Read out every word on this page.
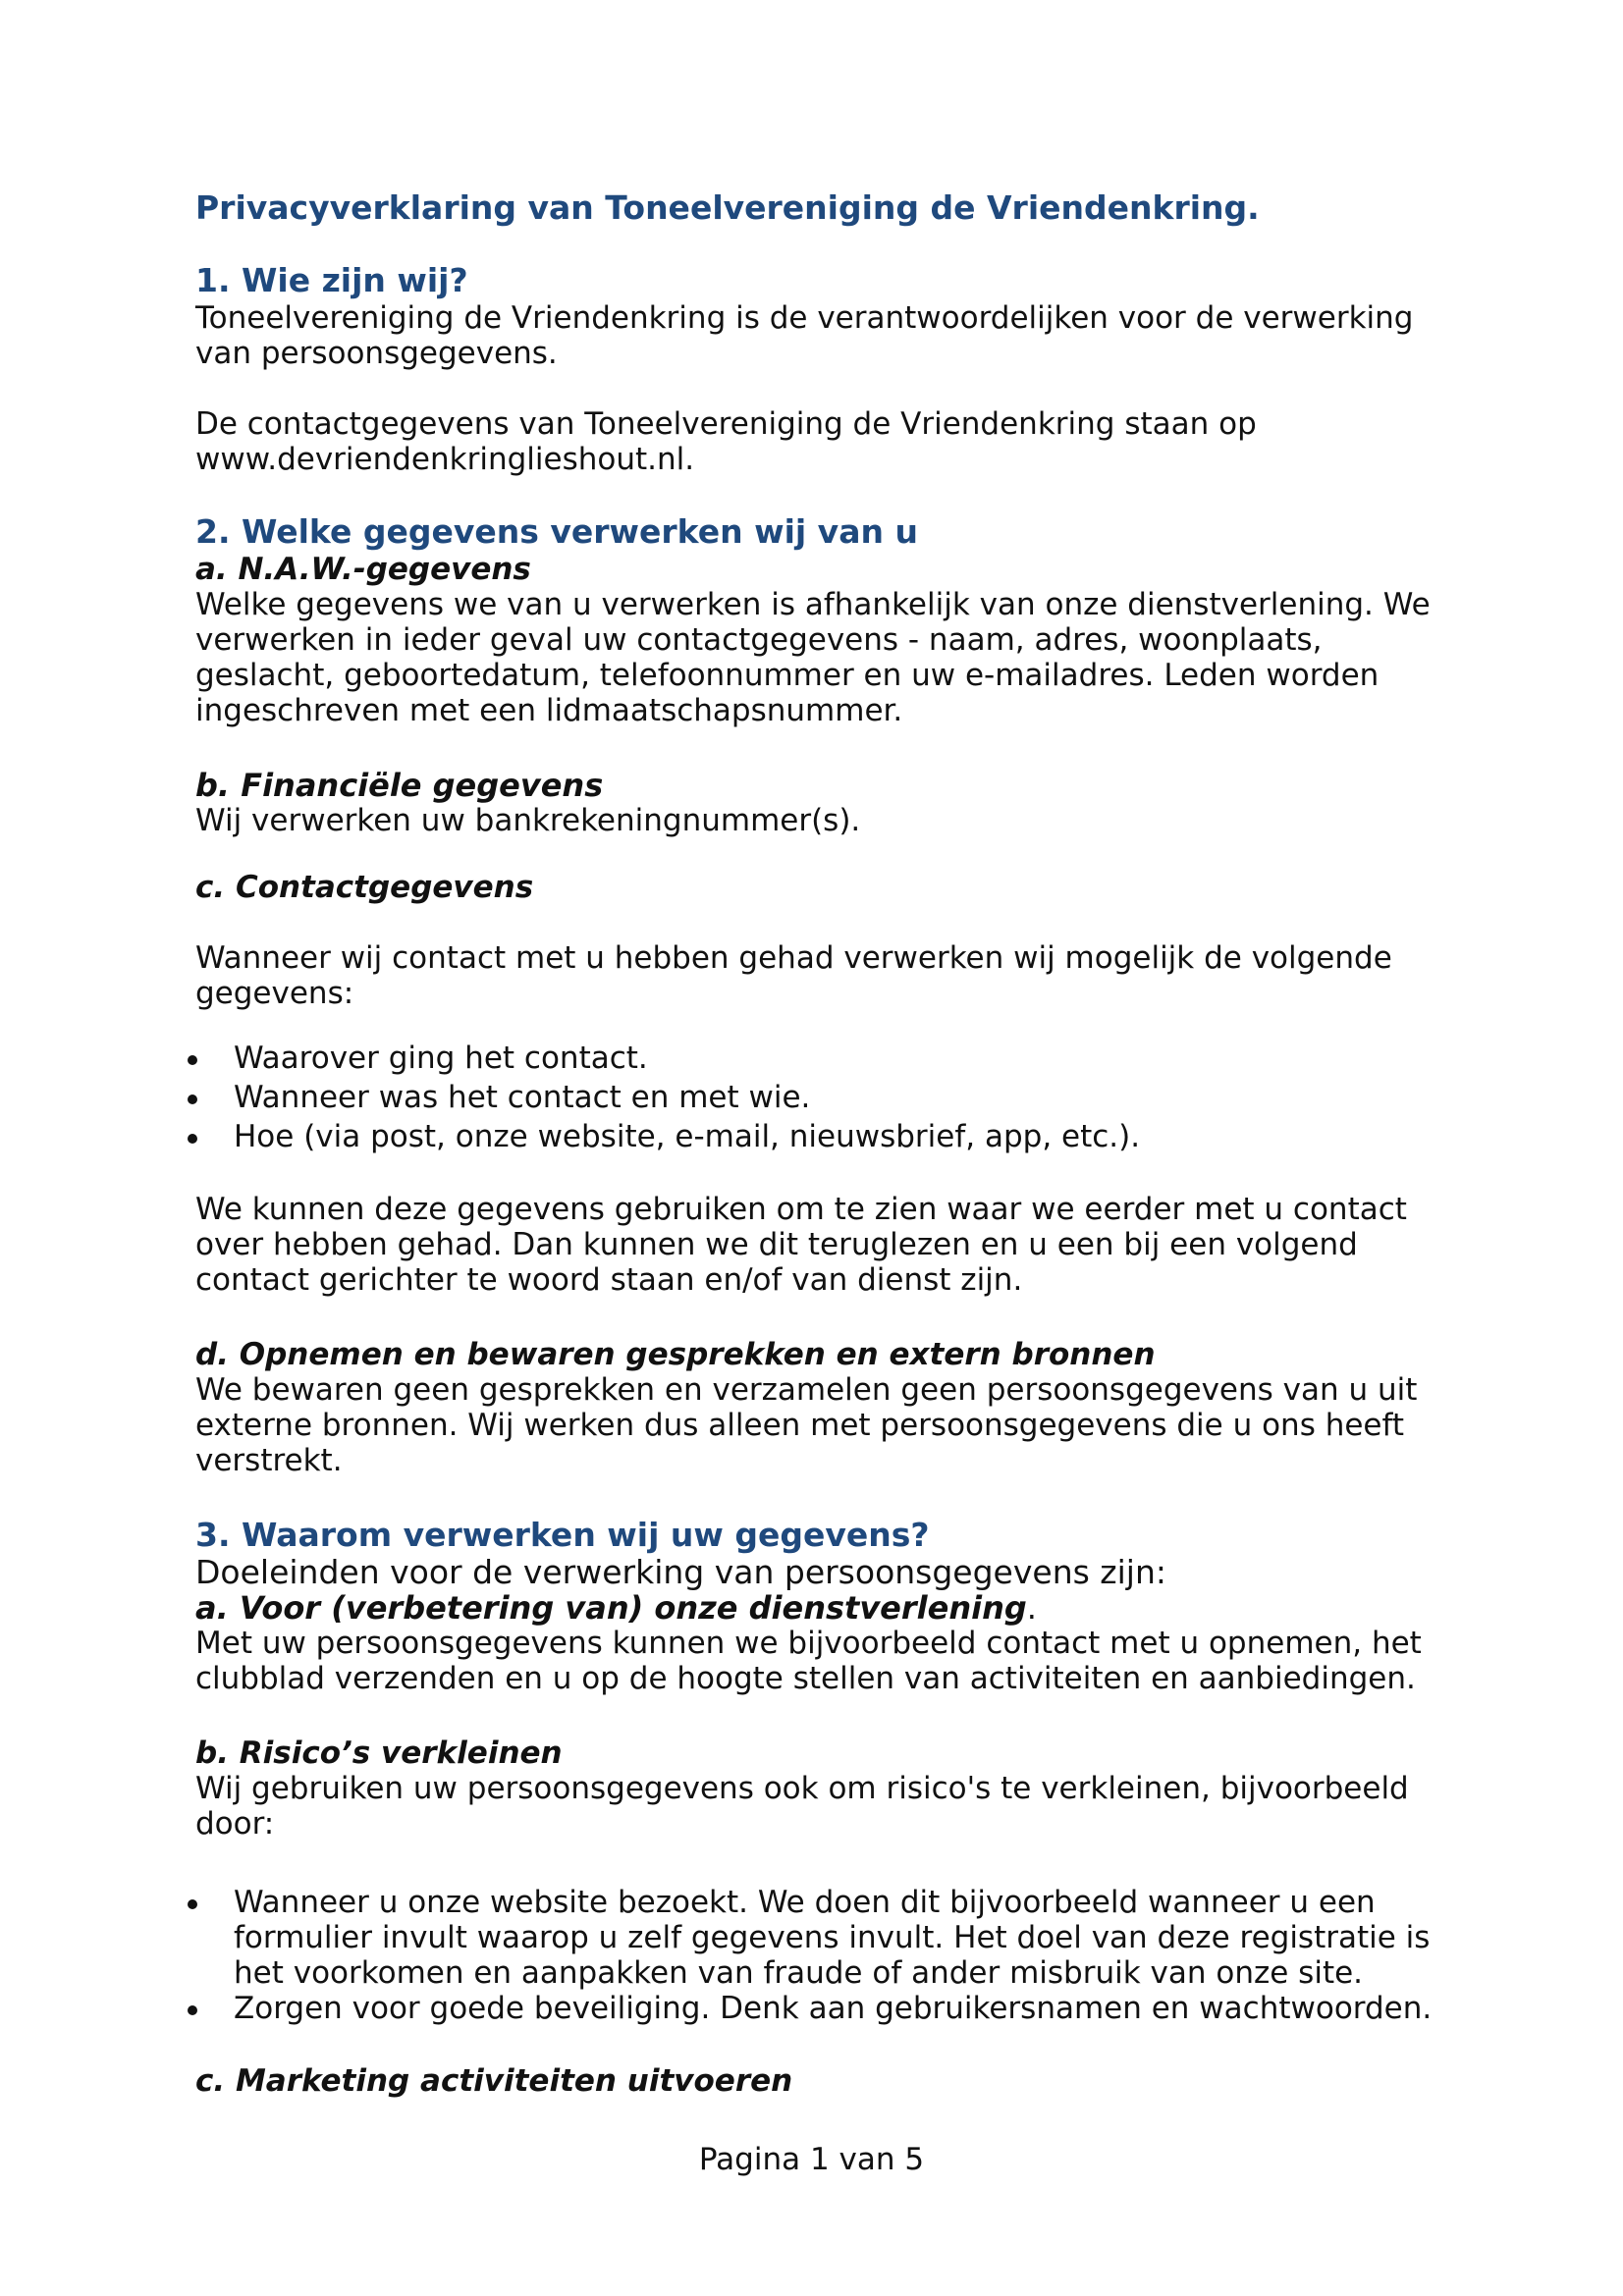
Privacyverklaring van Toneelvereniging de Vriendenkring.

1. Wie zijn wij?

Toneelvereniging de Vriendenkring is de verantwoordelijken voor de verwerking van persoonsgegevens.

De contactgegevens van Toneelvereniging de Vriendenkring staan op www.devriendenkringlieshout.nl.

2. Welke gegevens verwerken wij van u

a. N.A.W.-gegevens

Welke gegevens we van u verwerken is afhankelijk van onze dienstverlening. We verwerken in ieder geval uw contactgegevens - naam, adres, woonplaats, geslacht, geboortedatum, telefoonnummer en uw e-mailadres. Leden worden ingeschreven met een lidmaatschapsnummer.

b. Financiële gegevens

Wij verwerken uw bankrekeningnummer(s).

c. Contactgegevens

Wanneer wij contact met u hebben gehad verwerken wij mogelijk de volgende gegevens:

Waarover ging het contact.
Wanneer was het contact en met wie.
Hoe (via post, onze website, e-mail, nieuwsbrief, app, etc.).

We kunnen deze gegevens gebruiken om te zien waar we eerder met u contact over hebben gehad. Dan kunnen we dit teruglezen en u een bij een volgend contact gerichter te woord staan en/of van dienst zijn.

d. Opnemen en bewaren gesprekken en extern bronnen

We bewaren geen gesprekken en verzamelen geen persoonsgegevens van u uit externe bronnen. Wij werken dus alleen met persoonsgegevens die u ons heeft verstrekt.

3. Waarom verwerken wij uw gegevens?

Doeleinden voor de verwerking van persoonsgegevens zijn:

a. Voor (verbetering van) onze dienstverlening.

Met uw persoonsgegevens kunnen we bijvoorbeeld contact met u opnemen, het clubblad verzenden en u op de hoogte stellen van activiteiten en aanbiedingen.

b. Risico’s verkleinen

Wij gebruiken uw persoonsgegevens ook om risico's te verkleinen, bijvoorbeeld door:

Wanneer u onze website bezoekt. We doen dit bijvoorbeeld wanneer u een formulier invult waarop u zelf gegevens invult. Het doel van deze registratie is het voorkomen en aanpakken van fraude of ander misbruik van onze site.
Zorgen voor goede beveiliging. Denk aan gebruikersnamen en wachtwoorden.

c. Marketing activiteiten uitvoeren

Pagina 1 van 5
